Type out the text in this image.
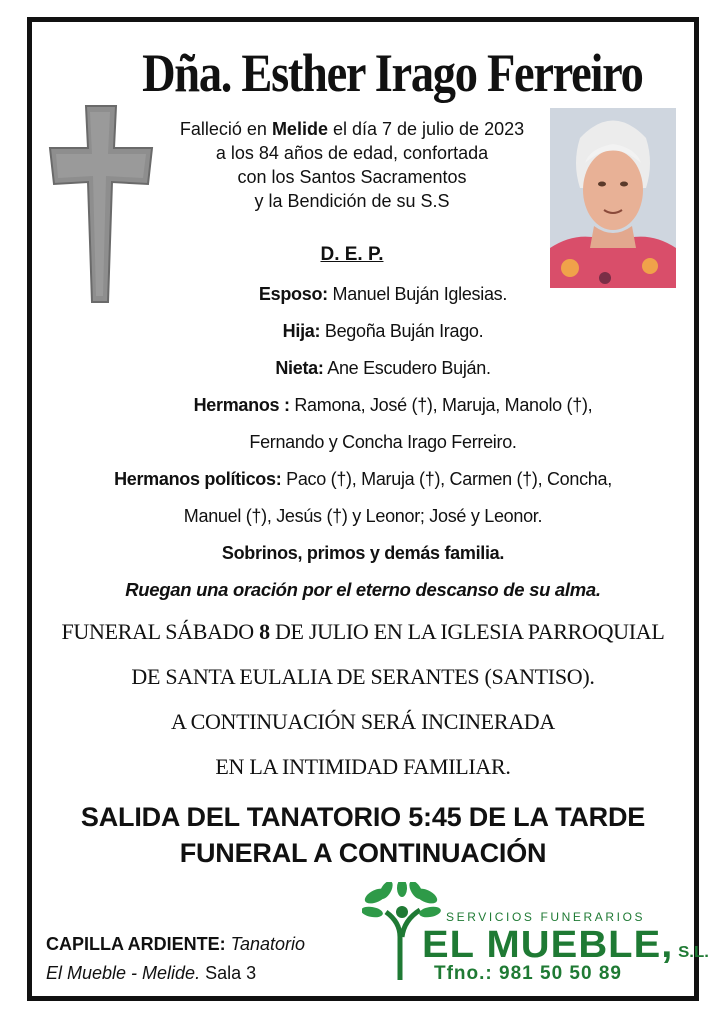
Dña. Esther Irago Ferreiro
Falleció en Melide el día 7 de julio de 2023
a los 84 años de edad, confortada
con los Santos Sacramentos
y la Bendición de su S.S
D. E. P.
Esposo: Manuel Buján Iglesias.
Hija: Begoña Buján Irago.
Nieta: Ane Escudero Buján.
Hermanos : Ramona, José (†), Maruja, Manolo (†),
Fernando y Concha Irago Ferreiro.
Hermanos políticos: Paco (†), Maruja (†), Carmen (†), Concha,
Manuel (†), Jesús (†) y Leonor; José y Leonor.
Sobrinos, primos y demás familia.
Ruegan una oración por el eterno descanso de su alma.
FUNERAL SÁBADO 8 DE JULIO EN LA IGLESIA PARROQUIAL
DE SANTA EULALIA DE SERANTES (SANTISO).
A CONTINUACIÓN SERÁ INCINERADA
EN LA INTIMIDAD FAMILIAR.
SALIDA DEL TANATORIO 5:45 DE LA TARDE
FUNERAL A CONTINUACIÓN
CAPILLA ARDIENTE: Tanatorio
El Mueble - Melide. Sala 3
SERVICIOS FUNERARIOS
EL MUEBLE, S.L.
Tfno.: 981 50 50 89
